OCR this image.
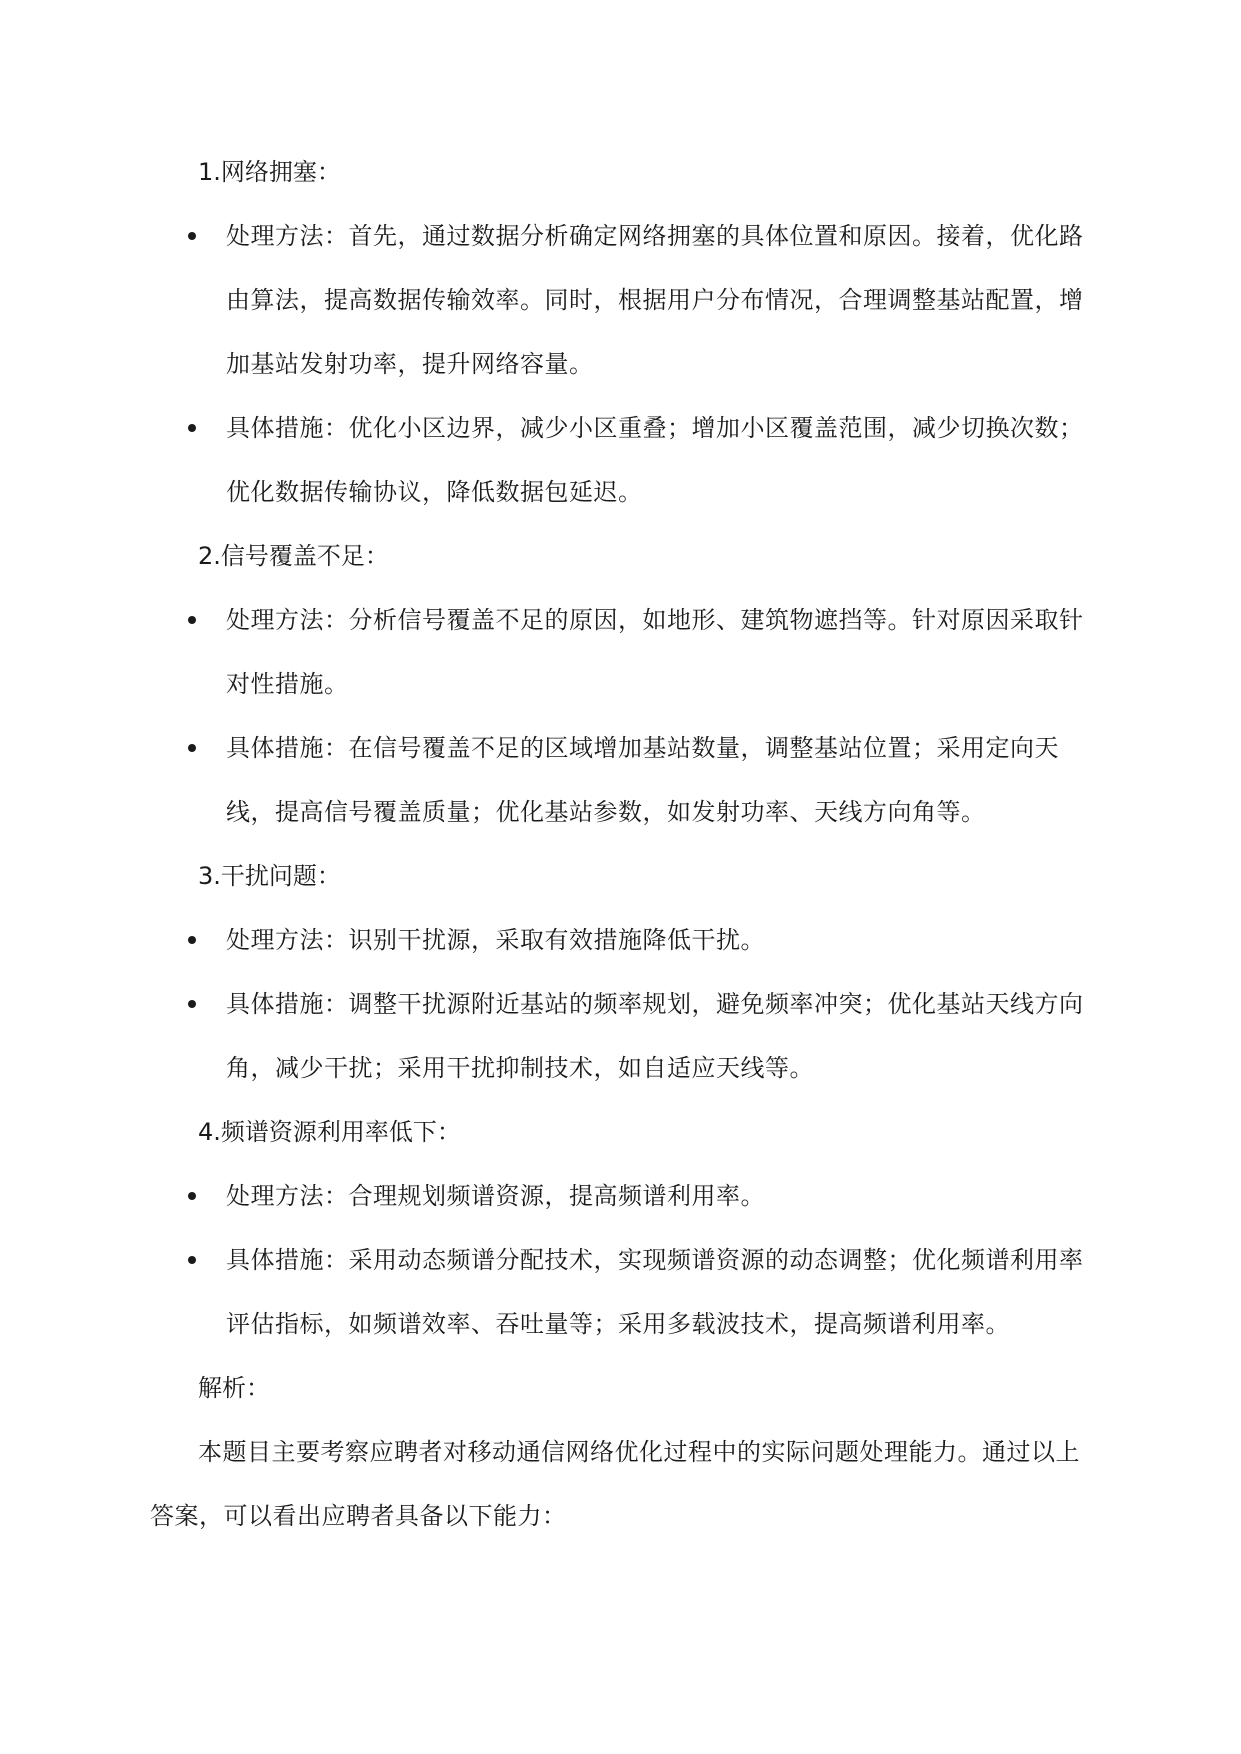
1.网络拥塞：
处理方法：首先，通过数据分析确定网络拥塞的具体位置和原因。接着，优化路由算法，提高数据传输效率。同时，根据用户分布情况，合理调整基站配置，增加基站发射功率，提升网络容量。
具体措施：优化小区边界，减少小区重叠；增加小区覆盖范围，减少切换次数；优化数据传输协议，降低数据包延迟。
2.信号覆盖不足：
处理方法：分析信号覆盖不足的原因，如地形、建筑物遮挡等。针对原因采取针对性措施。
具体措施：在信号覆盖不足的区域增加基站数量，调整基站位置；采用定向天线，提高信号覆盖质量；优化基站参数，如发射功率、天线方向角等。
3.干扰问题：
处理方法：识别干扰源，采取有效措施降低干扰。
具体措施：调整干扰源附近基站的频率规划，避免频率冲突；优化基站天线方向角，减少干扰；采用干扰抑制技术，如自适应天线等。
4.频谱资源利用率低下：
处理方法：合理规划频谱资源，提高频谱利用率。
具体措施：采用动态频谱分配技术，实现频谱资源的动态调整；优化频谱利用率评估指标，如频谱效率、吞吐量等；采用多载波技术，提高频谱利用率。
解析：
本题目主要考察应聘者对移动通信网络优化过程中的实际问题处理能力。通过以上答案，可以看出应聘者具备以下能力：
